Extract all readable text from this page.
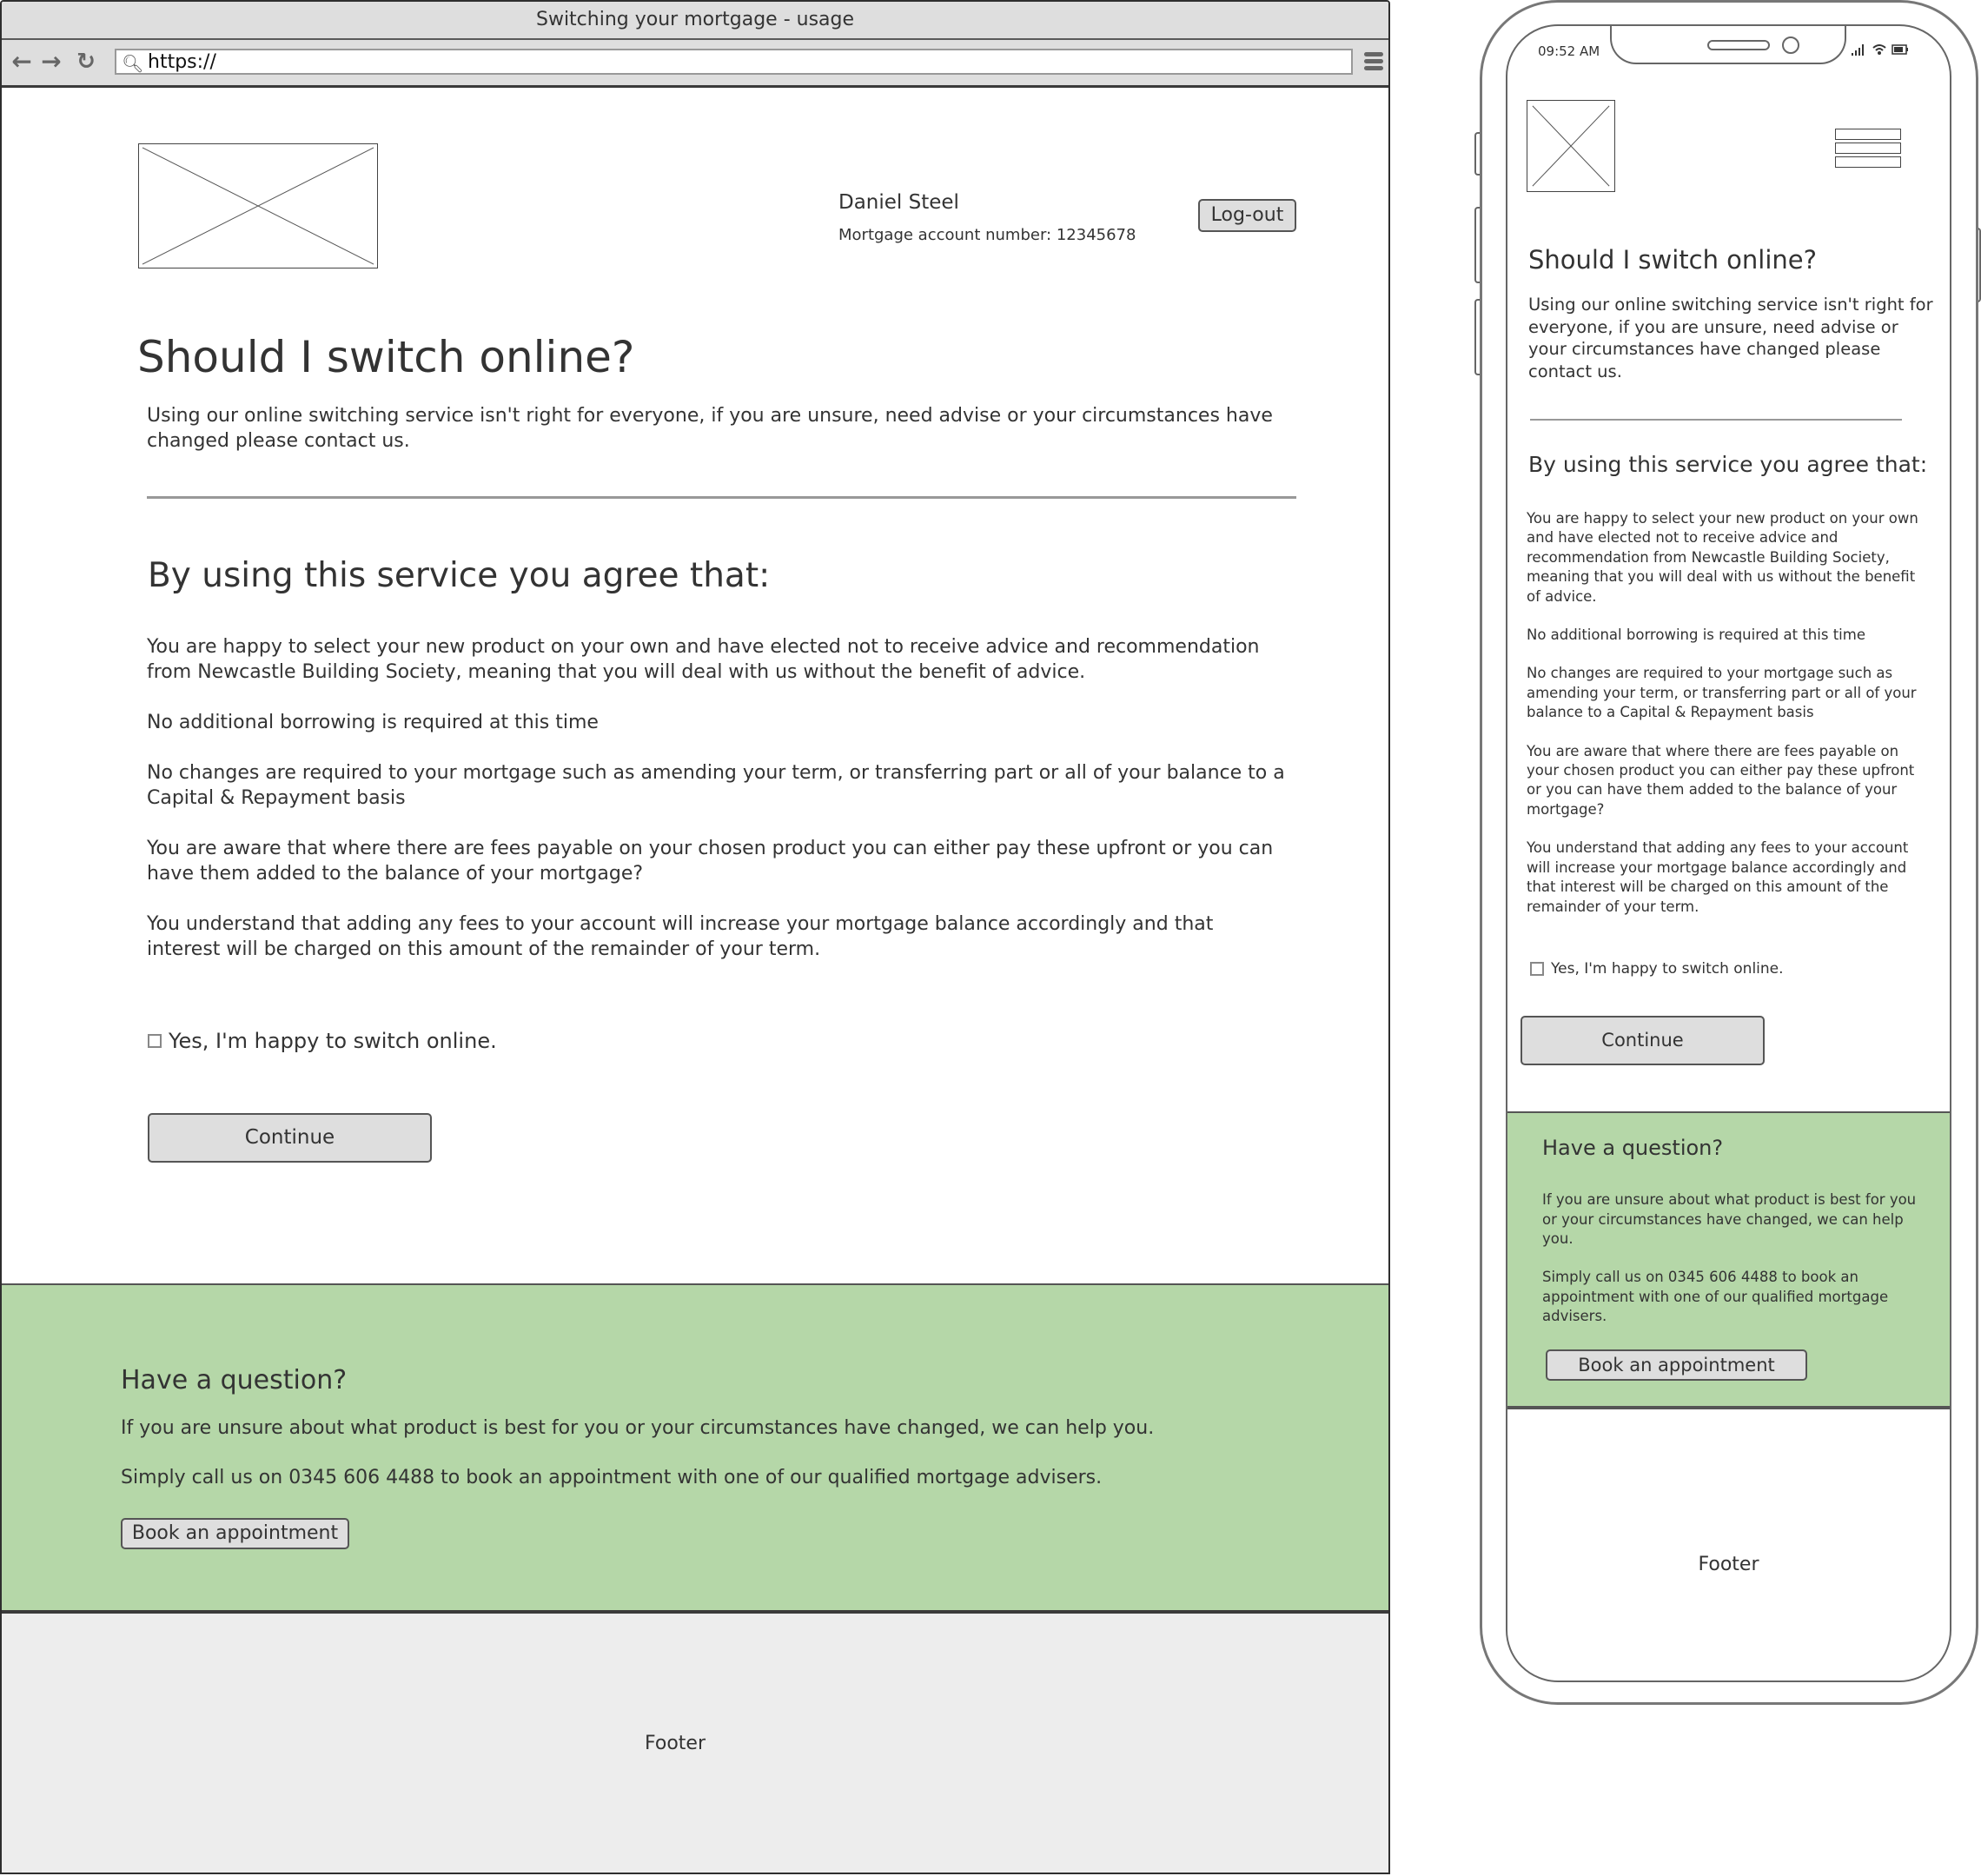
Switching your mortgage - usage
← → ↻ 🔍︎ https://
Daniel Steel
Mortgage account number: 12345678
Log-out
Should I switch online?
Using our online switching service isn't right for everyone, if you are unsure, need advise or your circumstances have changed please contact us.
By using this service you agree that:

You are happy to select your new product on your own and have elected not to receive advice and recommendation from Newcastle Building Society, meaning that you will deal with us without the benefit of advice.

No additional borrowing is required at this time

No changes are required to your mortgage such as amending your term, or transferring part or all of your balance to a Capital & Repayment basis

You are aware that where there are fees payable on your chosen product you can either pay these upfront or you can have them added to the balance of your mortgage?

You understand that adding any fees to your account will increase your mortgage balance accordingly and that interest will be charged on this amount of the remainder of your term.

Yes, I'm happy to switch online.
Continue
Have a question?
If you are unsure about what product is best for you or your circumstances have changed, we can help you.
Simply call us on 0345 606 4488 to book an appointment with one of our qualified mortgage advisers.
Book an appointment
Footer
09:52 AM
Should I switch online?
Using our online switching service isn't right for everyone, if you are unsure, need advise or your circumstances have changed please contact us.
By using this service you agree that:

You are happy to select your new product on your own and have elected not to receive advice and recommendation from Newcastle Building Society, meaning that you will deal with us without the benefit of advice.

No additional borrowing is required at this time

No changes are required to your mortgage such as amending your term, or transferring part or all of your balance to a Capital & Repayment basis

You are aware that where there are fees payable on your chosen product you can either pay these upfront or you can have them added to the balance of your mortgage?

You understand that adding any fees to your account will increase your mortgage balance accordingly and that interest will be charged on this amount of the remainder of your term.

Yes, I'm happy to switch online.
Continue
Have a question?
If you are unsure about what product is best for you or your circumstances have changed, we can help you.
Simply call us on 0345 606 4488 to book an appointment with one of our qualified mortgage advisers.
Book an appointment
Footer
